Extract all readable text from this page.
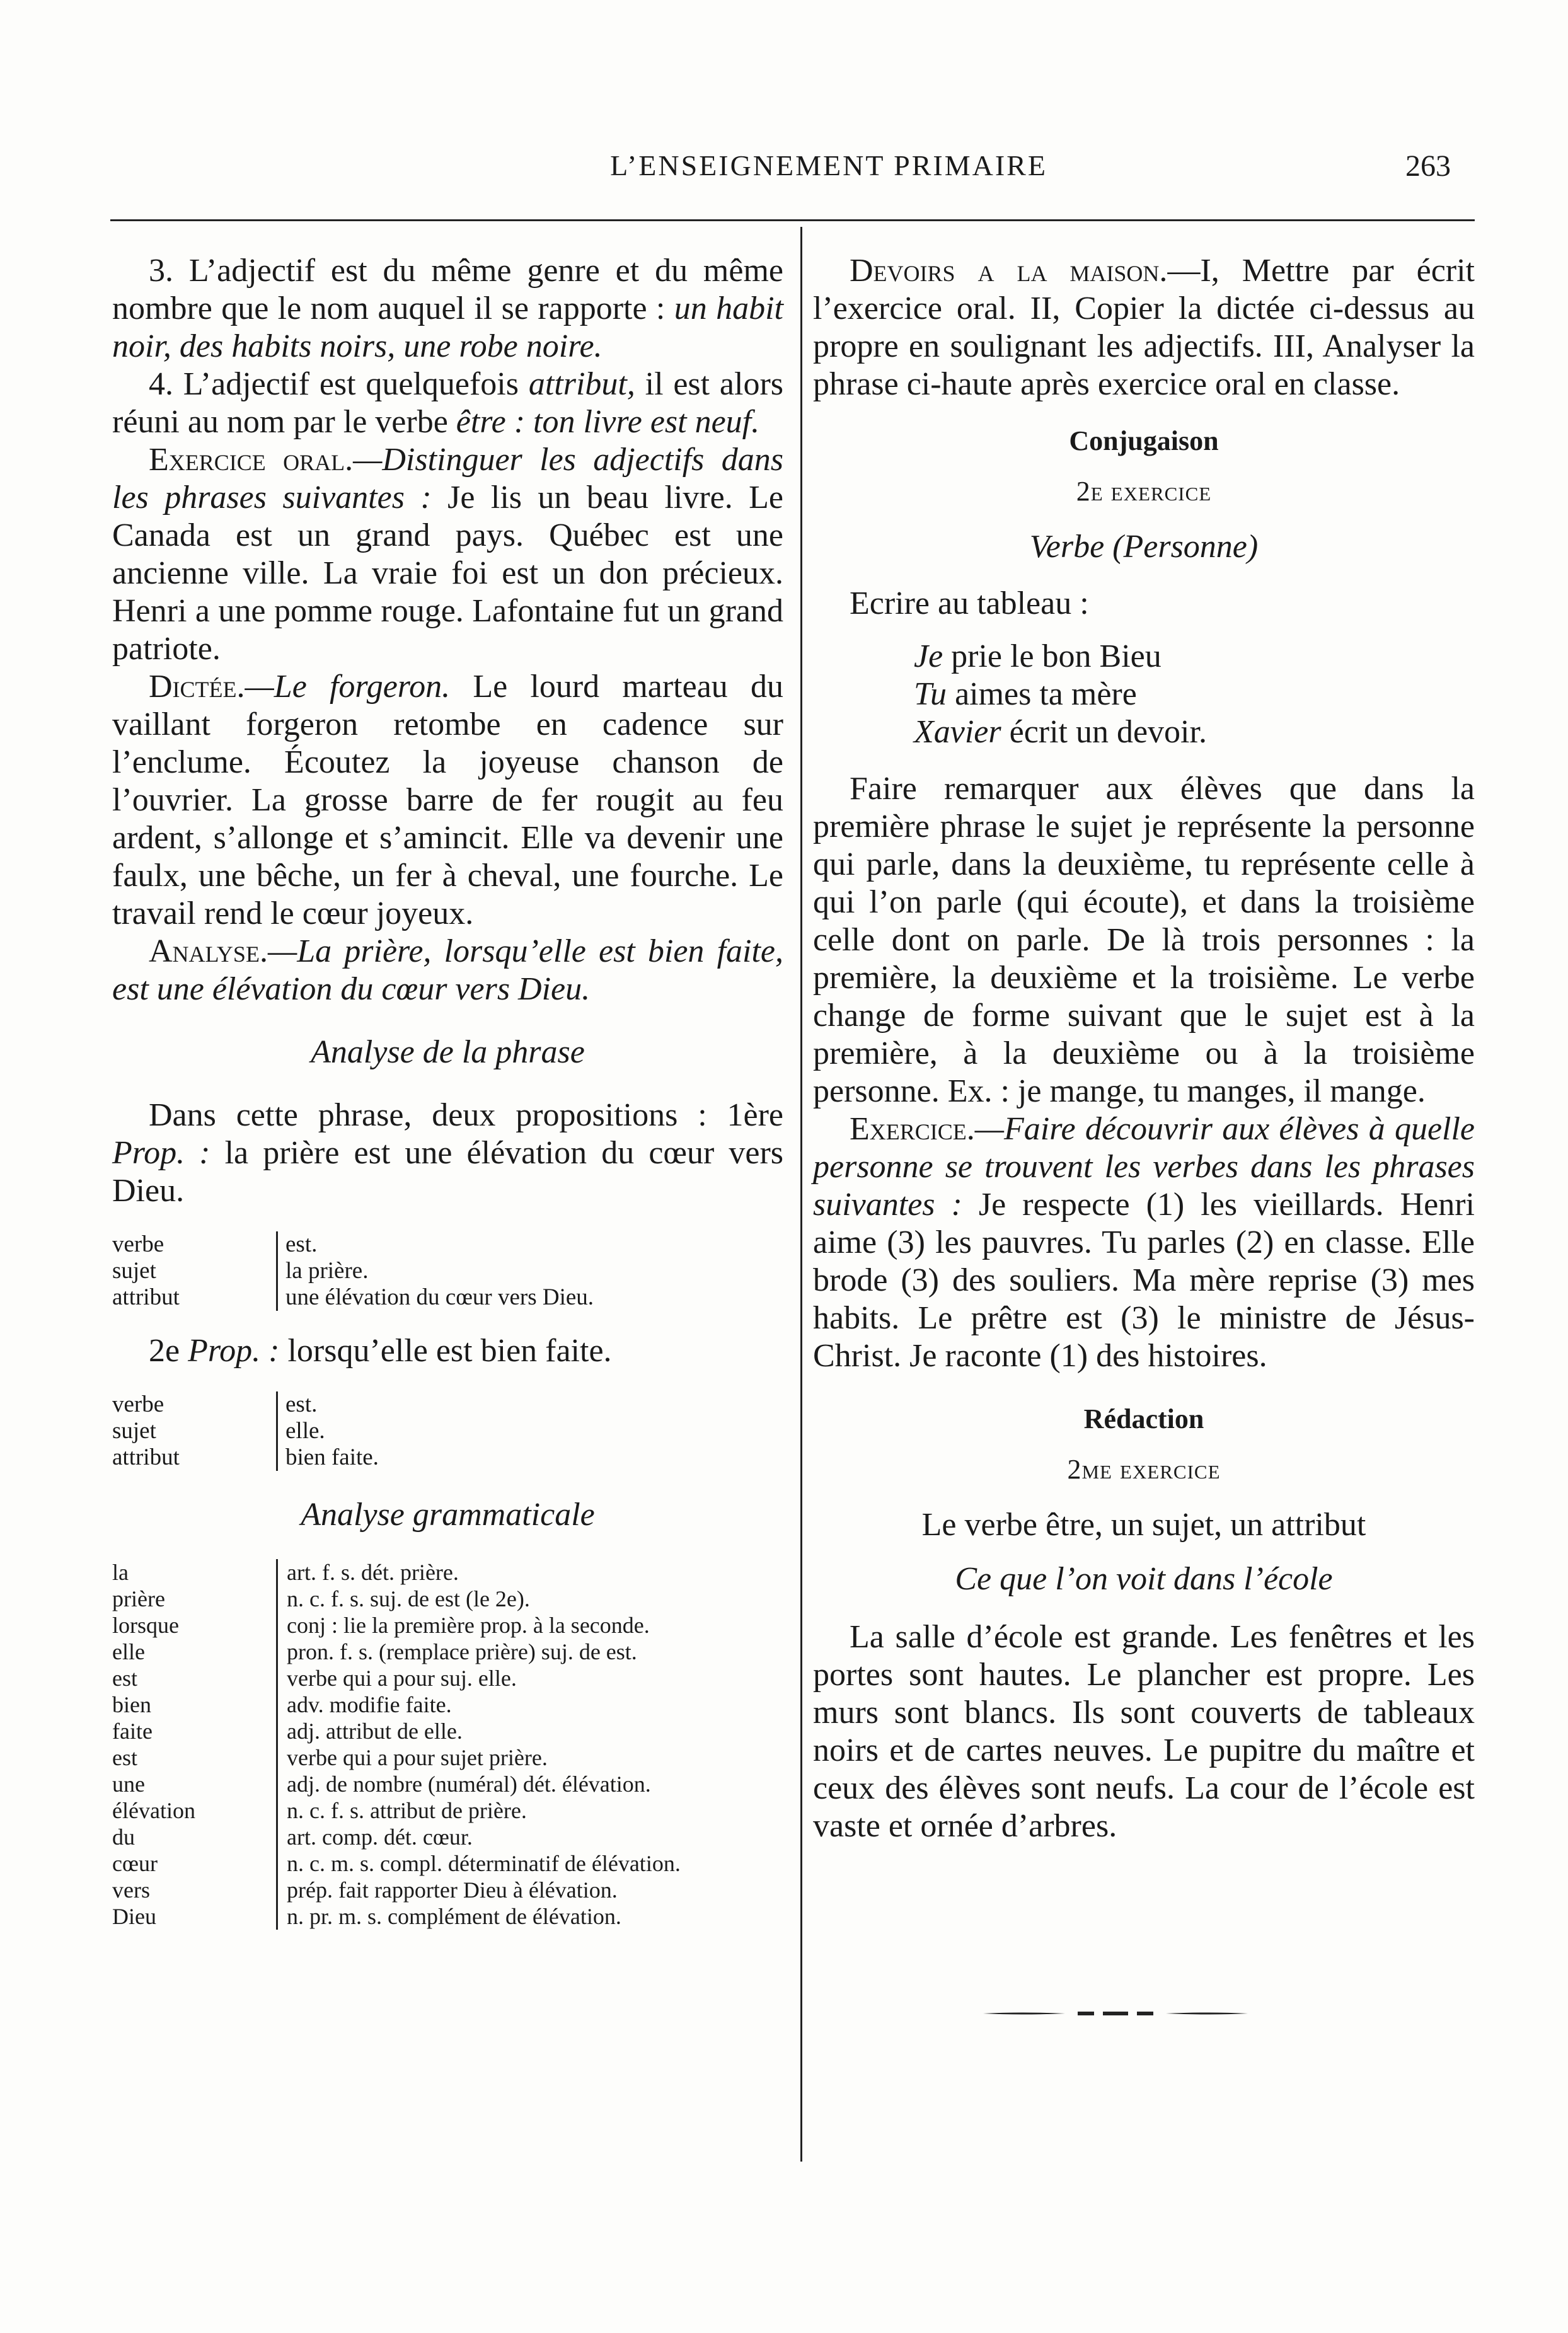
L’ENSEIGNEMENT PRIMAIRE	263

3. L’adjectif est du même genre et du même nombre que le nom auquel il se rapporte : un habit noir, des habits noirs, une robe noire.

4. L’adjectif est quelquefois attribut, il est alors réuni au nom par le verbe être : ton livre est neuf.

Exercice oral.—Distinguer les adjectifs dans les phrases suivantes : Je lis un beau livre. Le Canada est un grand pays. Québec est une ancienne ville. La vraie foi est un don précieux. Henri a une pomme rouge. Lafontaine fut un grand patriote.

Dictée.—Le forgeron. Le lourd marteau du vaillant forgeron retombe en cadence sur l’enclume. Écoutez la joyeuse chanson de l’ouvrier. La grosse barre de fer rougit au feu ardent, s’allonge et s’amincit. Elle va devenir une faulx, une bêche, un fer à cheval, une fourche. Le travail rend le cœur joyeux.

Analyse.—La prière, lorsqu’elle est bien faite, est une élévation du cœur vers Dieu.

Analyse de la phrase

Dans cette phrase, deux propositions : 1ère Prop. : la prière est une élévation du cœur vers Dieu.

verbe	est.
sujet	la prière.
attribut	une élévation du cœur vers Dieu.

2e Prop. : lorsqu’elle est bien faite.

verbe	est.
sujet	elle.
attribut	bien faite.
Analyse grammaticale
la	art. f. s. dét. prière.
prière	n. c. f. s. suj. de est (le 2e).
lorsque	conj : lie la première prop. à la seconde.
elle	pron. f. s. (remplace prière) suj. de est.
est	verbe qui a pour suj. elle.
bien	adv. modifie faite.
faite	adj. attribut de elle.
est	verbe qui a pour sujet prière.
une	adj. de nombre (numéral) dét. élévation.
élévation	n. c. f. s. attribut de prière.
du	art. comp. dét. cœur.
cœur	n. c. m. s. compl. déterminatif de élévation.
vers	prép. fait rapporter Dieu à élévation.
Dieu	n. pr. m. s. complément de élévation.

Devoirs a la maison.—I, Mettre par écrit l’exercice oral. II, Copier la dictée ci-dessus au propre en soulignant les adjectifs. III, Analyser la phrase ci-haute après exercice oral en classe.

Conjugaison
2e exercice
Verbe (Personne)

Ecrire au tableau :

Je prie le bon Bieu
Tu aimes ta mère
Xavier écrit un devoir.

Faire remarquer aux élèves que dans la première phrase le sujet je représente la personne qui parle, dans la deuxième, tu représente celle à qui l’on parle (qui écoute), et dans la troisième celle dont on parle. De là trois personnes : la première, la deuxième et la troisième. Le verbe change de forme suivant que le sujet est à la première, à la deuxième ou à la troisième personne. Ex. : je mange, tu manges, il mange.

Exercice.—Faire découvrir aux élèves à quelle personne se trouvent les verbes dans les phrases suivantes : Je respecte (1) les vieillards. Henri aime (3) les pauvres. Tu parles (2) en classe. Elle brode (3) des souliers. Ma mère reprise (3) mes habits. Le prêtre est (3) le ministre de Jésus-Christ. Je raconte (1) des histoires.

Rédaction
2me exercice
Le verbe être, un sujet, un attribut
Ce que l’on voit dans l’école

La salle d’école est grande. Les fenêtres et les portes sont hautes. Le plancher est propre. Les murs sont blancs. Ils sont couverts de tableaux noirs et de cartes neuves. Le pupitre du maître et ceux des élèves sont neufs. La cour de l’école est vaste et ornée d’arbres.
